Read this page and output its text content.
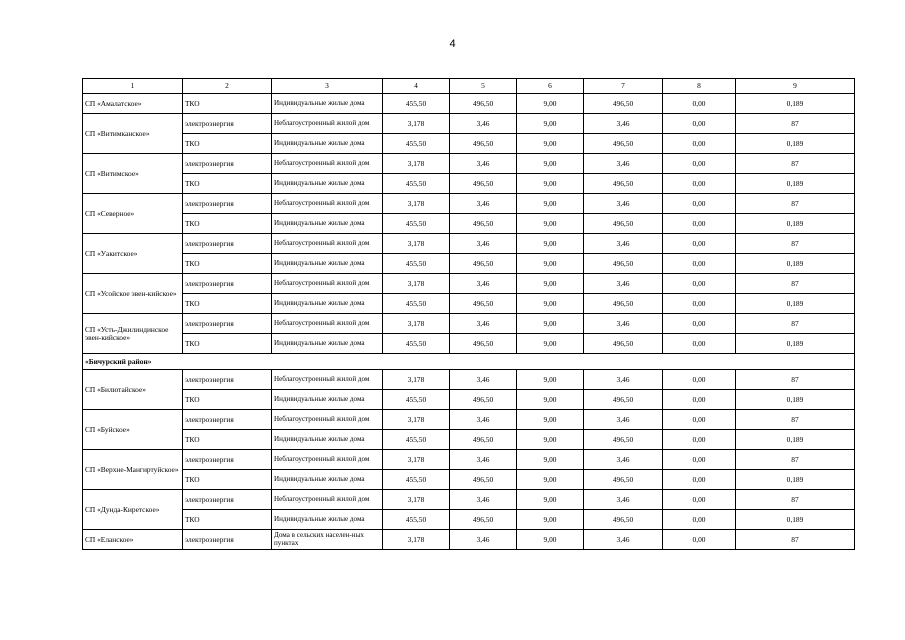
4
1	2	3	4	5	6	7	8	9
СП «Амалатское»	ТКО	Индивидуальные жилые дома	455,50	496,50	9,00	496,50	0,00	0,189
СП «Витимканское»	электроэнергия	Неблагоустроенный жилой дом	3,178	3,46	9,00	3,46	0,00	87
	ТКО	Индивидуальные жилые дома	455,50	496,50	9,00	496,50	0,00	0,189
СП «Витимское»	электроэнергия	Неблагоустроенный жилой дом	3,178	3,46	9,00	3,46	0,00	87
	ТКО	Индивидуальные жилые дома	455,50	496,50	9,00	496,50	0,00	0,189
СП «Северное»	электроэнергия	Неблагоустроенный жилой дом	3,178	3,46	9,00	3,46	0,00	87
	ТКО	Индивидуальные жилые дома	455,50	496,50	9,00	496,50	0,00	0,189
СП «Уакитское»	электроэнергия	Неблагоустроенный жилой дом	3,178	3,46	9,00	3,46	0,00	87
	ТКО	Индивидуальные жилые дома	455,50	496,50	9,00	496,50	0,00	0,189
СП «Усойское эвен-кийское»	электроэнергия	Неблагоустроенный жилой дом	3,178	3,46	9,00	3,46	0,00	87
	ТКО	Индивидуальные жилые дома	455,50	496,50	9,00	496,50	0,00	0,189
СП «Усть-Джилиндинское эвен-кийское»	электроэнергия	Неблагоустроенный жилой дом	3,178	3,46	9,00	3,46	0,00	87
	ТКО	Индивидуальные жилые дома	455,50	496,50	9,00	496,50	0,00	0,189
«Бичурский район»								
СП «Билютайское»	электроэнергия	Неблагоустроенный жилой дом	3,178	3,46	9,00	3,46	0,00	87
	ТКО	Индивидуальные жилые дома	455,50	496,50	9,00	496,50	0,00	0,189
СП «Буйское»	электроэнергия	Неблагоустроенный жилой дом	3,178	3,46	9,00	3,46	0,00	87
	ТКО	Индивидуальные жилые дома	455,50	496,50	9,00	496,50	0,00	0,189
СП «Верхне-Мангиртуйское»	электроэнергия	Неблагоустроенный жилой дом	3,178	3,46	9,00	3,46	0,00	87
	ТКО	Индивидуальные жилые дома	455,50	496,50	9,00	496,50	0,00	0,189
СП «Дунда-Киретское»	электроэнергия	Неблагоустроенный жилой дом	3,178	3,46	9,00	3,46	0,00	87
	ТКО	Индивидуальные жилые дома	455,50	496,50	9,00	496,50	0,00	0,189
СП «Еланское»	электроэнергия	Дома в сельских населен-ных пунктах	3,178	3,46	9,00	3,46	0,00	87
